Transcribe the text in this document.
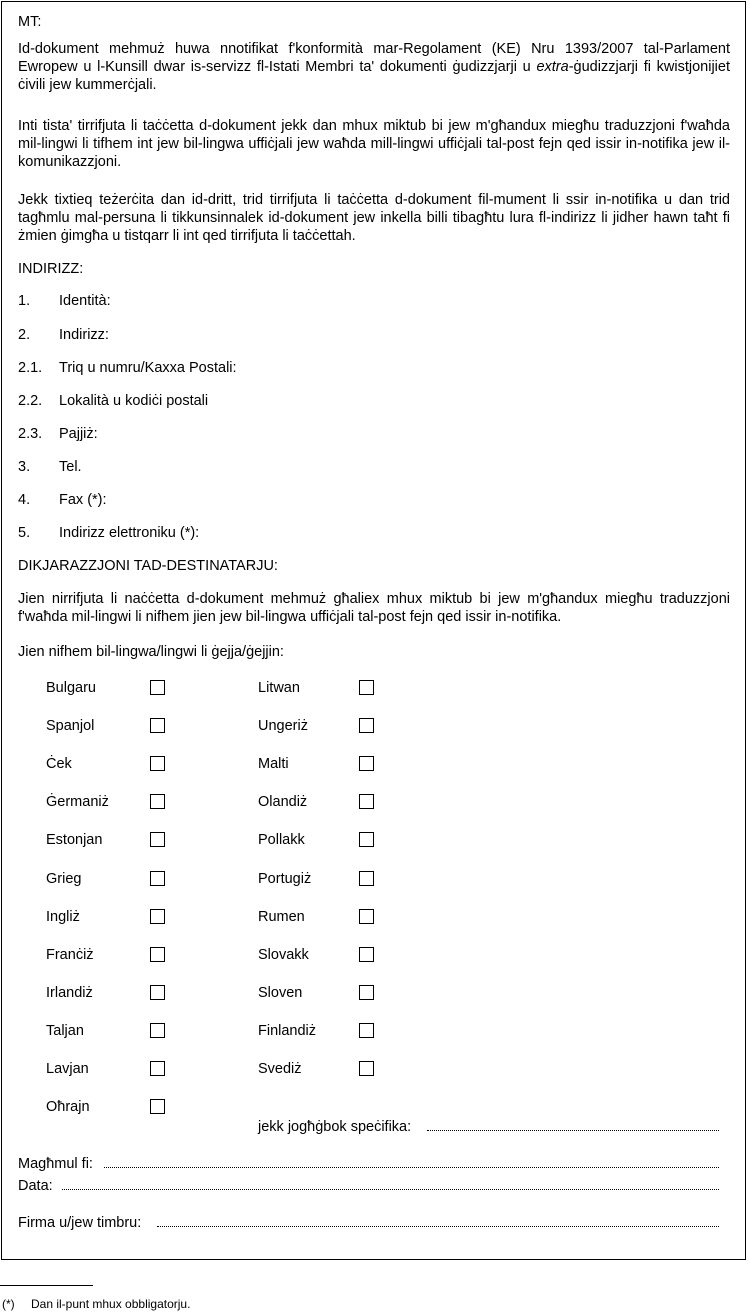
MT:
Id-dokument mehmuż huwa nnotifikat f'konformità mar-Regolament (KE) Nru 1393/2007 tal-Parlament Ewropew u l-Kunsill dwar is-servizz fl-Istati Membri ta' dokumenti ġudizzjarji u extra-ġudizzjarji fi kwistjonijiet ċivili jew kummerċjali.
Inti tista' tirrifjuta li taċċetta d-dokument jekk dan mhux miktub bi jew m'għandux miegħu traduzzjoni f'waħda mil-lingwi li tifhem int jew bil-lingwa uffiċjali jew waħda mill-lingwi uffiċjali tal-post fejn qed issir in-notifika jew il-komunikazzjoni.
Jekk tixtieq teżerċita dan id-dritt, trid tirrifjuta li taċċetta d-dokument fil-mument li ssir in-notifika u dan trid tagħmlu mal-persuna li tikkunsinnalek id-dokument jew inkella billi tibagħtu lura fl-indirizz li jidher hawn taħt fi żmien ġimgħa u tistqarr li int qed tirrifjuta li taċċettah.
INDIRIZZ:
1. Identità:
2. Indirizz:
2.1. Triq u numru/Kaxxa Postali:
2.2. Lokalità u kodiċi postali
2.3. Pajjiż:
3. Tel.
4. Fax (*):
5. Indirizz elettroniku (*):
DIKJARAZZJONI TAD-DESTINATARJU:
Jien nirrifjuta li naċċetta d-dokument mehmuż għaliex mhux miktub bi jew m'għandux miegħu traduzzjoni f'waħda mil-lingwi li nifhem jien jew bil-lingwa uffiċjali tal-post fejn qed issir in-notifika.
Jien nifhem bil-lingwa/lingwi li ġejja/ġejjin:
Bulgaru
Spanjol
Ċek
Ġermaniż
Estonjan
Grieg
Ingliż
Franċiż
Irlandiż
Taljan
Lavjan
Oħrajn
Litwan
Ungeriż
Malti
Olandiż
Pollakk
Portugiż
Rumen
Slovakk
Sloven
Finlandiż
Svediż
jekk jogħġbok speċifika:
Magħmul fi:
Data:
Firma u/jew timbru:
(*) Dan il-punt mhux obbligatorju.
